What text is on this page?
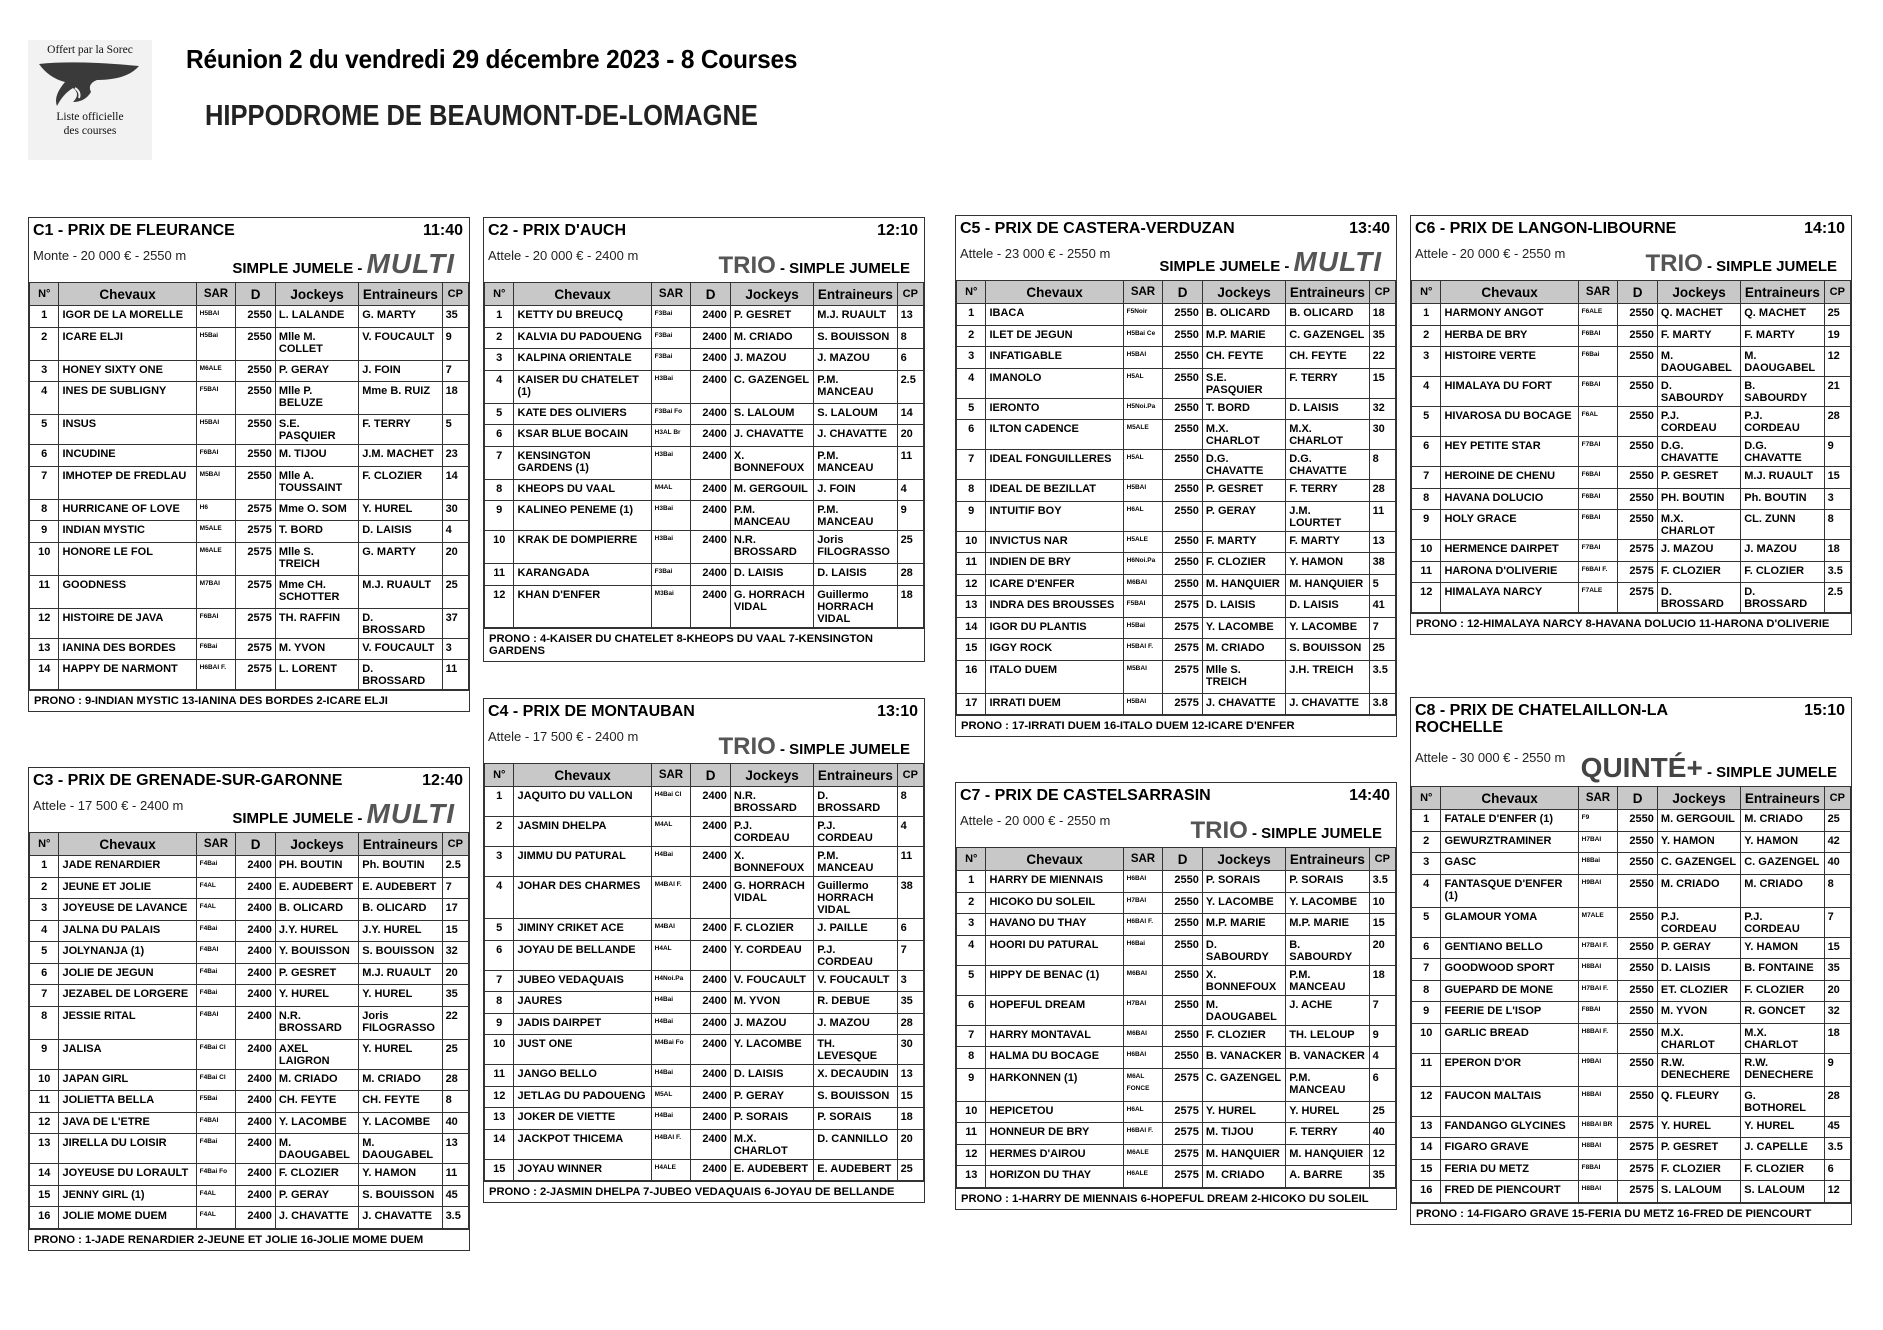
Offert par la Sorec
Liste officielle
des courses
Réunion 2 du vendredi 29 décembre 2023 - 8 Courses
HIPPODROME DE BEAUMONT-DE-LOMAGNE
C1 - PRIX DE FLEURANCE	11:40
Monte - 20 000 € - 2550 m
SIMPLE JUMELE - MULTI
N°	Chevaux	SAR	D	Jockeys	Entraineurs	CP
1	IGOR DE LA MORELLE	H5BAI	2550	L. LALANDE	G. MARTY	35
2	ICARE ELJI	H5Bai	2550	Mlle M. COLLET	V. FOUCAULT	9
3	HONEY SIXTY ONE	M6ALE	2550	P. GERAY	J. FOIN	7
4	INES DE SUBLIGNY	F5BAI	2550	Mlle P. BELUZE	Mme B. RUIZ	18
5	INSUS	H5BAI	2550	S.E. PASQUIER	F. TERRY	5
6	INCUDINE	F6BAI	2550	M. TIJOU	J.M. MACHET	23
7	IMHOTEP DE FREDLAU	M5BAI	2550	Mlle A. TOUSSAINT	F. CLOZIER	14
8	HURRICANE OF LOVE	H6	2575	Mme O. SOM	Y. HUREL	30
9	INDIAN MYSTIC	M5ALE	2575	T. BORD	D. LAISIS	4
10	HONORE LE FOL	M6ALE	2575	Mlle S. TREICH	G. MARTY	20
11	GOODNESS	M7BAI	2575	Mme CH. SCHOTTER	M.J. RUAULT	25
12	HISTOIRE DE JAVA	F6BAI	2575	TH. RAFFIN	D. BROSSARD	37
13	IANINA DES BORDES	F6Bai	2575	M. YVON	V. FOUCAULT	3
14	HAPPY DE NARMONT	H6BAI F.	2575	L. LORENT	D. BROSSARD	11
PRONO : 9-INDIAN MYSTIC 13-IANINA DES BORDES 2-ICARE ELJI
C2 - PRIX D'AUCH	12:10
Attele - 20 000 € - 2400 m	TRIO - SIMPLE JUMELE
N°	Chevaux	SAR	D	Jockeys	Entraineurs	CP
1	KETTY DU BREUCQ	F3Bai	2400	P. GESRET	M.J. RUAULT	13
2	KALVIA DU PADOUENG	F3Bai	2400	M. CRIADO	S. BOUISSON	8
3	KALPINA ORIENTALE	F3Bai	2400	J. MAZOU	J. MAZOU	6
4	KAISER DU CHATELET (1)	H3Bai	2400	C. GAZENGEL	P.M. MANCEAU	2.5
5	KATE DES OLIVIERS	F3Bai Fo	2400	S. LALOUM	S. LALOUM	14
6	KSAR BLUE BOCAIN	H3AL Br	2400	J. CHAVATTE	J. CHAVATTE	20
7	KENSINGTON GARDENS (1)	H3Bai	2400	X. BONNEFOUX	P.M. MANCEAU	11
8	KHEOPS DU VAAL	M4AL	2400	M. GERGOUIL	J. FOIN	4
9	KALINEO PENEME (1)	H3Bai	2400	P.M. MANCEAU	P.M. MANCEAU	9
10	KRAK DE DOMPIERRE	H3Bai	2400	N.R. BROSSARD	Joris FILOGRASSO	25
11	KARANGADA	F3Bai	2400	D. LAISIS	D. LAISIS	28
12	KHAN D'ENFER	M3Bai	2400	G. HORRACH VIDAL	Guillermo HORRACH VIDAL	18
PRONO : 4-KAISER DU CHATELET 8-KHEOPS DU VAAL 7-KENSINGTON GARDENS
C3 - PRIX DE GRENADE-SUR-GARONNE	12:40
Attele - 17 500 € - 2400 m
SIMPLE JUMELE - MULTI
N°	Chevaux	SAR	D	Jockeys	Entraineurs	CP
1	JADE RENARDIER	F4Bai	2400	PH. BOUTIN	Ph. BOUTIN	2.5
2	JEUNE ET JOLIE	F4AL	2400	E. AUDEBERT	E. AUDEBERT	7
3	JOYEUSE DE LAVANCE	F4AL	2400	B. OLICARD	B. OLICARD	17
4	JALNA DU PALAIS	F4Bai	2400	J.Y. HUREL	J.Y. HUREL	15
5	JOLYNANJA (1)	F4BAI	2400	Y. BOUISSON	S. BOUISSON	32
6	JOLIE DE JEGUN	F4Bai	2400	P. GESRET	M.J. RUAULT	20
7	JEZABEL DE LORGERE	F4Bai	2400	Y. HUREL	Y. HUREL	35
8	JESSIE RITAL	F4BAI	2400	N.R. BROSSARD	Joris FILOGRASSO	22
9	JALISA	F4Bai Cl	2400	AXEL LAIGRON	Y. HUREL	25
10	JAPAN GIRL	F4Bai Cl	2400	M. CRIADO	M. CRIADO	28
11	JOLIETTA BELLA	F5Bai	2400	CH. FEYTE	CH. FEYTE	8
12	JAVA DE L'ETRE	F4BAI	2400	Y. LACOMBE	Y. LACOMBE	40
13	JIRELLA DU LOISIR	F4Bai	2400	M. DAOUGABEL	M. DAOUGABEL	13
14	JOYEUSE DU LORAULT	F4Bai Fo	2400	F. CLOZIER	Y. HAMON	11
15	JENNY GIRL (1)	F4AL	2400	P. GERAY	S. BOUISSON	45
16	JOLIE MOME DUEM	F4AL	2400	J. CHAVATTE	J. CHAVATTE	3.5
PRONO : 1-JADE RENARDIER 2-JEUNE ET JOLIE 16-JOLIE MOME DUEM
C4 - PRIX DE MONTAUBAN	13:10
Attele - 17 500 € - 2400 m	TRIO - SIMPLE JUMELE
N°	Chevaux	SAR	D	Jockeys	Entraineurs	CP
1	JAQUITO DU VALLON	H4Bai Cl	2400	N.R. BROSSARD	D. BROSSARD	8
2	JASMIN DHELPA	M4AL	2400	P.J. CORDEAU	P.J. CORDEAU	4
3	JIMMU DU PATURAL	H4Bai	2400	X. BONNEFOUX	P.M. MANCEAU	11
4	JOHAR DES CHARMES	M4BAI F.	2400	G. HORRACH VIDAL	Guillermo HORRACH VIDAL	38
5	JIMINY CRIKET ACE	M4BAI	2400	F. CLOZIER	J. PAILLE	6
6	JOYAU DE BELLANDE	H4AL	2400	Y. CORDEAU	P.J. CORDEAU	7
7	JUBEO VEDAQUAIS	H4Noi.Pa	2400	V. FOUCAULT	V. FOUCAULT	3
8	JAURES	H4Bai	2400	M. YVON	R. DEBUE	35
9	JADIS DAIRPET	H4Bai	2400	J. MAZOU	J. MAZOU	28
10	JUST ONE	M4Bai Fo	2400	Y. LACOMBE	TH. LEVESQUE	30
11	JANGO BELLO	H4Bai	2400	D. LAISIS	X. DECAUDIN	13
12	JETLAG DU PADOUENG	M5AL	2400	P. GERAY	S. BOUISSON	15
13	JOKER DE VIETTE	H4Bai	2400	P. SORAIS	P. SORAIS	18
14	JACKPOT THICEMA	H4BAI F.	2400	M.X. CHARLOT	D. CANNILLO	20
15	JOYAU WINNER	H4ALE	2400	E. AUDEBERT	E. AUDEBERT	25
PRONO : 2-JASMIN DHELPA 7-JUBEO VEDAQUAIS 6-JOYAU DE BELLANDE
C5 - PRIX DE CASTERA-VERDUZAN	13:40
Attele - 23 000 € - 2550 m
SIMPLE JUMELE - MULTI
N°	Chevaux	SAR	D	Jockeys	Entraineurs	CP
1	IBACA	F5Noir	2550	B. OLICARD	B. OLICARD	18
2	ILET DE JEGUN	H5Bai Ce	2550	M.P. MARIE	C. GAZENGEL	35
3	INFATIGABLE	H5BAI	2550	CH. FEYTE	CH. FEYTE	22
4	IMANOLO	H5AL	2550	S.E. PASQUIER	F. TERRY	15
5	IERONTO	H5Noi.Pa	2550	T. BORD	D. LAISIS	32
6	ILTON CADENCE	M5ALE	2550	M.X. CHARLOT	M.X. CHARLOT	30
7	IDEAL FONGUILLERES	H5AL	2550	D.G. CHAVATTE	D.G. CHAVATTE	8
8	IDEAL DE BEZILLAT	H5BAI	2550	P. GESRET	F. TERRY	28
9	INTUITIF BOY	H6AL	2550	P. GERAY	J.M. LOURTET	11
10	INVICTUS NAR	H5ALE	2550	F. MARTY	F. MARTY	13
11	INDIEN DE BRY	H6Noi.Pa	2550	F. CLOZIER	Y. HAMON	38
12	ICARE D'ENFER	M6BAI	2550	M. HANQUIER	M. HANQUIER	5
13	INDRA DES BROUSSES	F5BAI	2575	D. LAISIS	D. LAISIS	41
14	IGOR DU PLANTIS	H5Bai	2575	Y. LACOMBE	Y. LACOMBE	7
15	IGGY ROCK	H5BAI F.	2575	M. CRIADO	S. BOUISSON	25
16	ITALO DUEM	M5BAI	2575	Mlle S. TREICH	J.H. TREICH	3.5
17	IRRATI DUEM	H5BAI	2575	J. CHAVATTE	J. CHAVATTE	3.8
PRONO : 17-IRRATI DUEM 16-ITALO DUEM 12-ICARE D'ENFER
C6 - PRIX DE LANGON-LIBOURNE	14:10
Attele - 20 000 € - 2550 m	TRIO - SIMPLE JUMELE
N°	Chevaux	SAR	D	Jockeys	Entraineurs	CP
1	HARMONY ANGOT	F6ALE	2550	Q. MACHET	Q. MACHET	25
2	HERBA DE BRY	F6BAI	2550	F. MARTY	F. MARTY	19
3	HISTOIRE VERTE	F6Bai	2550	M. DAOUGABEL	M. DAOUGABEL	12
4	HIMALAYA DU FORT	F6BAI	2550	D. SABOURDY	B. SABOURDY	21
5	HIVAROSA DU BOCAGE	F6AL	2550	P.J. CORDEAU	P.J. CORDEAU	28
6	HEY PETITE STAR	F7BAI	2550	D.G. CHAVATTE	D.G. CHAVATTE	9
7	HEROINE DE CHENU	F6BAI	2550	P. GESRET	M.J. RUAULT	15
8	HAVANA DOLUCIO	F6BAI	2550	PH. BOUTIN	Ph. BOUTIN	3
9	HOLY GRACE	F6BAI	2550	M.X. CHARLOT	CL. ZUNN	8
10	HERMENCE DAIRPET	F7BAI	2575	J. MAZOU	J. MAZOU	18
11	HARONA D'OLIVERIE	F6BAI F.	2575	F. CLOZIER	F. CLOZIER	3.5
12	HIMALAYA NARCY	F7ALE	2575	D. BROSSARD	D. BROSSARD	2.5
PRONO : 12-HIMALAYA NARCY 8-HAVANA DOLUCIO 11-HARONA D'OLIVERIE
C7 - PRIX DE CASTELSARRASIN	14:40
Attele - 20 000 € - 2550 m	TRIO - SIMPLE JUMELE
N°	Chevaux	SAR	D	Jockeys	Entraineurs	CP
1	HARRY DE MIENNAIS	H6BAI	2550	P. SORAIS	P. SORAIS	3.5
2	HICOKO DU SOLEIL	H7BAI	2550	Y. LACOMBE	Y. LACOMBE	10
3	HAVANO DU THAY	H6BAI F.	2550	M.P. MARIE	M.P. MARIE	15
4	HOORI DU PATURAL	H6Bai	2550	D. SABOURDY	B. SABOURDY	20
5	HIPPY DE BENAC (1)	M6BAI	2550	X. BONNEFOUX	P.M. MANCEAU	18
6	HOPEFUL DREAM	H7BAI	2550	M. DAOUGABEL	J. ACHE	7
7	HARRY MONTAVAL	M6BAI	2550	F. CLOZIER	TH. LELOUP	9
8	HALMA DU BOCAGE	H6BAI	2550	B. VANACKER	B. VANACKER	4
9	HARKONNEN (1)	M6AL FONCE	2575	C. GAZENGEL	P.M. MANCEAU	6
10	HEPICETOU	H6AL	2575	Y. HUREL	Y. HUREL	25
11	HONNEUR DE BRY	H6BAI F.	2575	M. TIJOU	F. TERRY	40
12	HERMES D'AIROU	M6ALE	2575	M. HANQUIER	M. HANQUIER	12
13	HORIZON DU THAY	H6ALE	2575	M. CRIADO	A. BARRE	35
PRONO : 1-HARRY DE MIENNAIS 6-HOPEFUL DREAM 2-HICOKO DU SOLEIL
C8 - PRIX DE CHATELAILLON-LA ROCHELLE
15:10
Attele - 30 000 € - 2550 m QUINTÉ+ - SIMPLE JUMELE
N°	Chevaux	SAR	D	Jockeys	Entraineurs	CP
1	FATALE D'ENFER (1)	F9	2550	M. GERGOUIL	M. CRIADO	25
2	GEWURZTRAMINER	H7BAI	2550	Y. HAMON	Y. HAMON	42
3	GASC	H8Bai	2550	C. GAZENGEL	C. GAZENGEL	40
4	FANTASQUE D'ENFER (1)	H9BAI	2550	M. CRIADO	M. CRIADO	8
5	GLAMOUR YOMA	M7ALE	2550	P.J. CORDEAU	P.J. CORDEAU	7
6	GENTIANO BELLO	H7BAI F.	2550	P. GERAY	Y. HAMON	15
7	GOODWOOD SPORT	H8BAI	2550	D. LAISIS	B. FONTAINE	35
8	GUEPARD DE MONE	H7BAI F.	2550	ET. CLOZIER	F. CLOZIER	20
9	FEERIE DE L'ISOP	F8BAI	2550	M. YVON	R. GONCET	32
10	GARLIC BREAD	H8BAI F.	2550	M.X. CHARLOT	M.X. CHARLOT	18
11	EPERON D'OR	H9BAI	2550	R.W. DENECHERE	R.W. DENECHERE	9
12	FAUCON MALTAIS	H8BAI	2550	Q. FLEURY	G. BOTHOREL	28
13	FANDANGO GLYCINES	H8BAI BR	2575	Y. HUREL	Y. HUREL	45
14	FIGARO GRAVE	H8BAI	2575	P. GESRET	J. CAPELLE	3.5
15	FERIA DU METZ	F8BAI	2575	F. CLOZIER	F. CLOZIER	6
16	FRED DE PIENCOURT	H8BAI	2575	S. LALOUM	S. LALOUM	12
PRONO : 14-FIGARO GRAVE 15-FERIA DU METZ 16-FRED DE PIENCOURT
